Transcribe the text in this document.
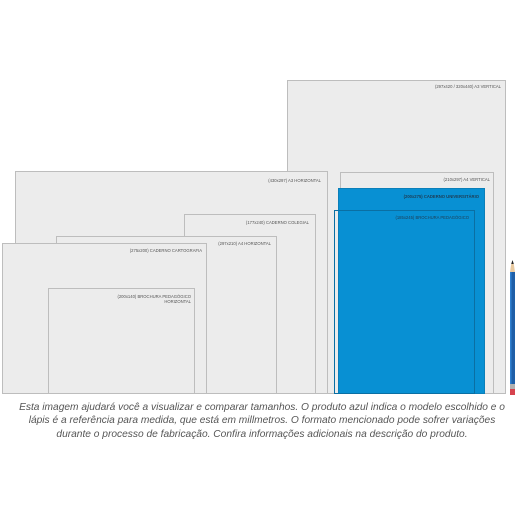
(297x420 / 320x440) A3 VERTICAL
(430x297) A3 HORIZONTAL	(210x297) A4 VERTICAL
(200x275) CADERNO UNIVERSITÁRIO
(185x245) BROCHURA PEDAGÓGICO
(177x240) CADERNO COLEGIAL
(297x210) A4 HORIZONTAL
(275x200) CADERNO CARTOGRAFIA
(200x140) BROCHURA PEDAGÓGICO HORIZONTAL
Esta imagem ajudará você a visualizar e comparar tamanhos. O produto azul indica o modelo escolhido e o lápis é a referência para medida, que está em millmetros. O formato mencionado pode sofrer variações durante o processo de fabricação. Confira informações adicionais na descrição do produto.
